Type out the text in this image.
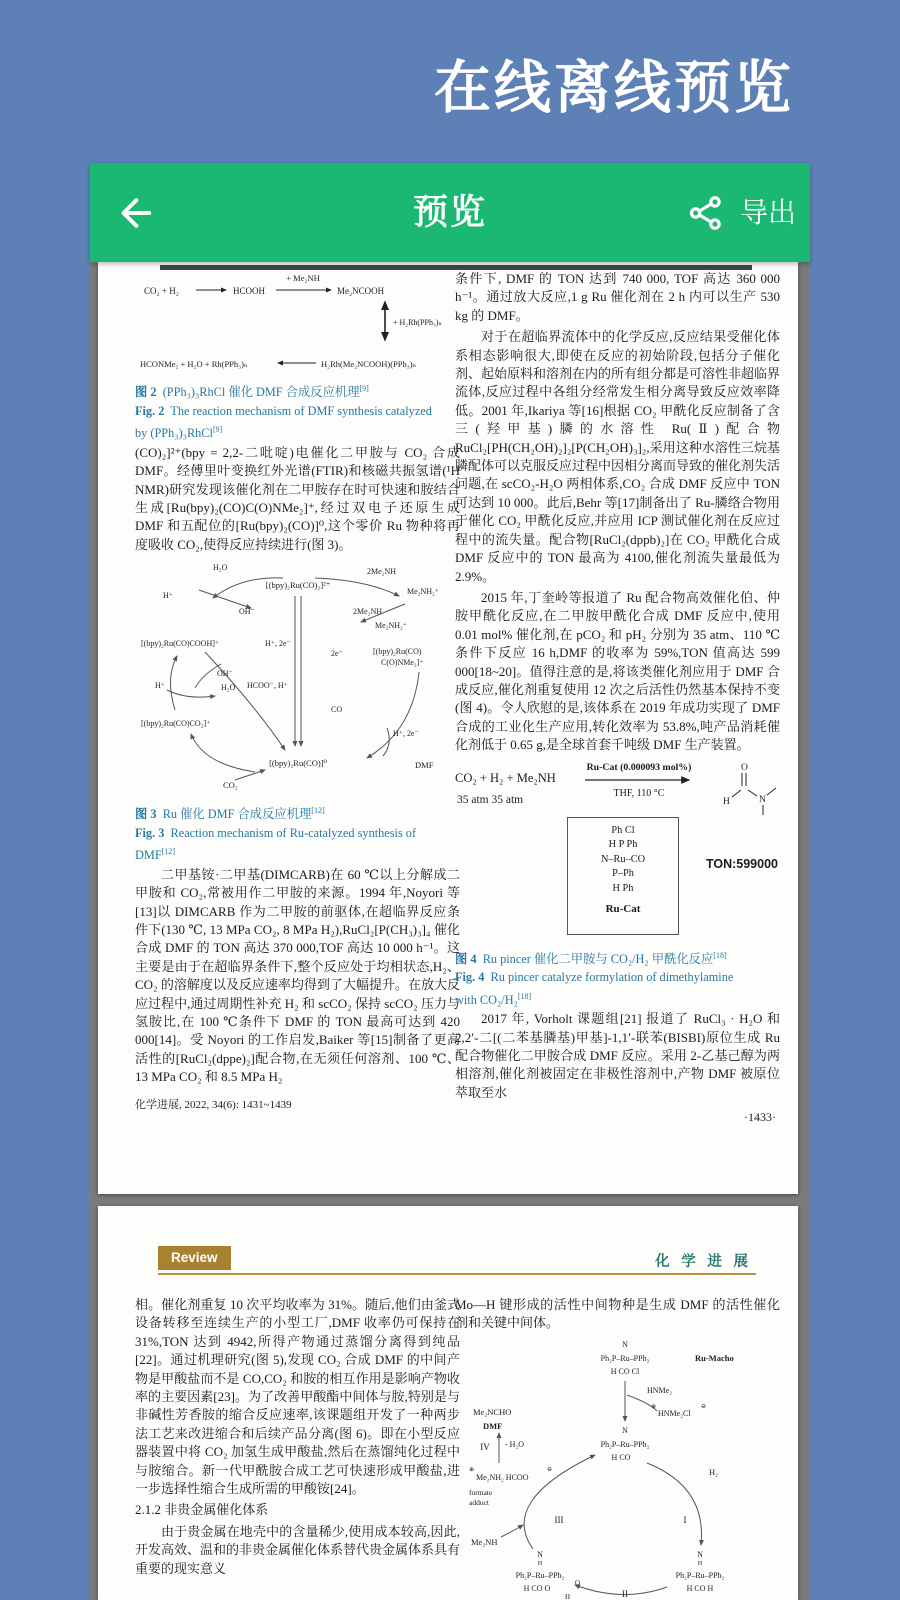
在线离线预览
预览	导出
CO₂ + H₂	HCOOH
+ Me₂NH
Me₂NCOOH
+ H₂Rh(PPh₃)ₙ
HCONMe₂ + H₂O + Rh(PPh₃)ₙ	H₂Rh(Me₂NCOOH)(PPh₃)ₙ
图 2 (PPh₃)₃RhCl 催化 DMF 合成反应机理[9]
Fig. 2 The reaction mechanism of DMF synthesis catalyzed
by (PPh₃)₃RhCl[9]

(CO)₂]²⁺(bpy = 2,2-二吡啶)电催化二甲胺与 CO₂ 合成 DMF。经傅里叶变换红外光谱(FTIR)和核磁共振氢谱(¹H NMR)研究发现该催化剂在二甲胺存在时可快速和胺结合生成[Ru(bpy)₂(CO)C(O)NMe₂]⁺,经过双电子还原生成 DMF 和五配位的[Ru(bpy)₂(CO)]⁰,这个零价 Ru 物种将再度吸收 CO₂,使得反应持续进行(图 3)。

H₂O
H⁺
OH⁻
[(bpy)₂Ru(CO)₂]²⁺
2Me₂NH
Me₂NH₂⁺
2Me₂NH
Me₂NH₂⁺
[(bpy)₂Ru(CO)COOH]⁺	H⁺, 2e⁻
2e⁻
OH⁻
H₂O
H⁺	HCOO⁻, H⁺
CO
[(bpy)₂Ru(CO)CO₂]⁺
[(bpy)₂Ru(CO)
C(O)NMe₂]⁺
H⁺, 2e⁻
DMF
[(bpy)₂Ru(CO)]⁰
CO₂
图 3 Ru 催化 DMF 合成反应机理[12]
Fig. 3 Reaction mechanism of Ru-catalyzed synthesis of
DMF[12]

二甲基铵·二甲基(DIMCARB)在 60 ℃以上分解成二甲胺和 CO₂,常被用作二甲胺的来源。1994 年,Noyori 等[13]以 DIMCARB 作为二甲胺的前驱体,在超临界反应条件下(130 ℃, 13 MPa CO₂, 8 MPa H₂),RuCl₂[P(CH₃)₃]₄ 催化合成 DMF 的 TON 高达 370 000,TOF 高达 10 000 h⁻¹。这主要是由于在超临界条件下,整个反应处于均相状态,H₂、CO₂ 的溶解度以及反应速率均得到了大幅提升。在放大反应过程中,通过周期性补充 H₂ 和 scCO₂ 保持 scCO₂ 压力与氢胺比,在 100 ℃条件下 DMF 的 TON 最高可达到 420 000[14]。受 Noyori 的工作启发,Baiker 等[15]制备了更高活性的[RuCl₂(dppe)₂]配合物,在无须任何溶剂、100 ℃、13 MPa CO₂ 和 8.5 MPa H₂

化学进展, 2022, 34(6): 1431~1439

条件下, DMF 的 TON 达到 740 000, TOF 高达 360 000 h⁻¹。通过放大反应,1 g Ru 催化剂在 2 h 内可以生产 530 kg 的 DMF。

对于在超临界流体中的化学反应,反应结果受催化体系相态影响很大,即使在反应的初始阶段,包括分子催化剂、起始原料和溶剂在内的所有组分都是可溶性非超临界流体,反应过程中各组分经常发生相分离导致反应效率降低。2001 年,Ikariya 等[16]根据 CO₂ 甲酰化反应制备了含三(羟甲基)膦的水溶性 Ru(Ⅱ)配合物 RuCl₂[PH(CH₂OH)₂]₂[P(CH₂OH)₃]₂,采用这种水溶性三烷基膦配体可以克服反应过程中因相分离而导致的催化剂失活问题,在 scCO₂-H₂O 两相体系,CO₂ 合成 DMF 反应中 TON 可达到 10 000。此后,Behr 等[17]制备出了 Ru-膦络合物用于催化 CO₂ 甲酰化反应,并应用 ICP 测试催化剂在反应过程中的流失量。配合物[RuCl₂(dppb)₂]在 CO₂ 甲酰化合成 DMF 反应中的 TON 最高为 4100,催化剂流失量最低为 2.9%。

2015 年,丁奎岭等报道了 Ru 配合物高效催化伯、仲胺甲酰化反应,在二甲胺甲酰化合成 DMF 反应中,使用 0.01 mol% 催化剂,在 pCO₂ 和 pH₂ 分别为 35 atm、110 ℃条件下反应 16 h,DMF 的收率为 59%,TON 值高达 599 000[18~20]。值得注意的是,将该类催化剂应用于 DMF 合成反应,催化剂重复使用 12 次之后活性仍然基本保持不变(图 4)。令人欣慰的是,该体系在 2019 年成功实现了 DMF 合成的工业化生产应用,转化效率为 53.8%,吨产品消耗催化剂低于 0.65 g,是全球首套千吨级 DMF 生产装置。

CO₂ + H₂ + Me₂NH
35 atm 35 atm
Ru-Cat (0.000093 mol%)
THF, 110 °C
O
H	N
Ph Cl
H P Ph
N–Ru–CO
P–Ph
H Ph
Ru-Cat
TON:599000
图 4 Ru pincer 催化二甲胺与 CO₂/H₂ 甲酰化反应[18]
Fig. 4 Ru pincer catalyze formylation of dimethylamine
with CO₂/H₂[18]

2017 年, Vorholt 课题组[21] 报道了 RuCl₃ · H₂O 和 2,2′-二[(二苯基膦基)甲基]-1,1′-联苯(BISBI)原位生成 Ru 配合物催化二甲胺合成 DMF 反应。采用 2-乙基己醇为两相溶剂,催化剂被固定在非极性溶剂中,产物 DMF 被原位萃取至水

·1433·
Review	化 学 进 展

相。催化剂重复 10 次平均收率为 31%。随后,他们由釜式设备转移至连续生产的小型工厂,DMF 收率仍可保持在 31%,TON 达到 4942,所得产物通过蒸馏分离得到纯品[22]。通过机理研究(图 5),发现 CO₂ 合成 DMF 的中间产物是甲酸盐而不是 CO,CO₂ 和胺的相互作用是影响产物收率的主要因素[23]。为了改善甲酸酯中间体与胺,特别是与非碱性芳香胺的缩合反应速率,该课题组开发了一种两步法工艺来改进缩合和后续产品分离(图 6)。即在小型反应器装置中将 CO₂ 加氢生成甲酸盐,然后在蒸馏纯化过程中与胺缩合。新一代甲酰胺合成工艺可快速形成甲酸盐,进一步选择性缩合生成所需的甲酸铵[24]。

2.1.2 非贵金属催化体系

由于贵金属在地壳中的含量稀少,使用成本较高,因此,开发高效、温和的非贵金属催化体系替代贵金属体系具有重要的现实意义

Mo—H 键形成的活性中间物种是生成 DMF 的活性催化剂和关键中间体。

N
Ph₂P–Ru–PPh₂
H CO Cl
Ru-Macho
HNMe₂
⊕
HNMe₂Cl
⊖
N
Ph₂P–Ru–PPh₂
H CO
H₂
I
N
H
Ph₂P–Ru–PPh₂
H CO H
II
N
H
Ph₂P–Ru–PPh₂
H CO O
O
H
III
Me₂NH
formate
adduct
⊕
Me₂NH₂ HCOO
⊖
IV - H₂O
Me₂NCHO
DMF
